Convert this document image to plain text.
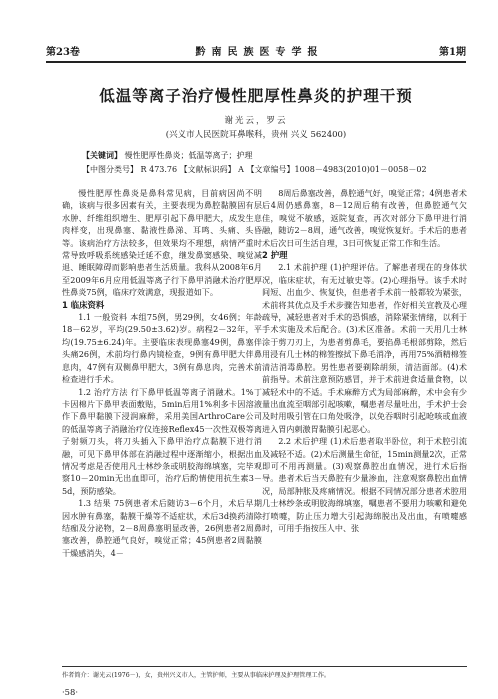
第23卷	黔南民族医专学报	第1期
低温等离子治疗慢性肥厚性鼻炎的护理干预
谢光云，罗云
(兴义市人民医院耳鼻喉科，贵州 兴义 562400)
【关键词】 慢性肥厚性鼻炎；低温等离子；护理
【中图分类号】 R 473.76 【文献标识码】 A 【文章编号】1008－4983(2010)01－0058－02

慢性肥厚性鼻炎是鼻科常见病，目前病因尚不明确，该病与很多因素有关，主要表现为鼻腔黏膜固有层水肿、纤维组织增生、肥厚引起下鼻甲肥大，成发生息肉样变，出现鼻塞、黏液性鼻涕、耳鸣、头痛、头昏等。该病治疗方法较多，但效果均不理想，病情严重时常导致呼吸系统感染迁延不愈，继发鼻窦感染、嗅觉减退、睡眠障碍而影响患者生活质量。我科从2008年6月至2009年6月应用低温等离子行下鼻甲消融术治疗肥厚性鼻炎75例，临床疗效满意，现报道如下。

1 临床资料

1.1 一般资料 本组75例，男29例，女46例；年龄18－62岁，平均(29.50±3.62)岁。病程2－32年，平均(19.75±6.24)年。主要临床表现鼻塞49例，鼻塞伴头痛26例，术前均行鼻内镜检查，9例有鼻甲肥大伴鼻息肉，47例有双侧鼻甲肥大，3例有鼻息肉，完善术前检查进行手术。

1.2 治疗方法 行下鼻甲低温等离子消融术。1%丁卡因棉片下鼻甲表面敷贴，5min后用1%利多卡因溶液作下鼻甲黏膜下浸润麻醉，采用美国ArthroCare公司的低温等离子消融治疗仪连接Reflex45一次性双极等离子射频刀头，将刀头插入下鼻甲治疗点黏膜下进行消融，可见下鼻甲体部在消融过程中逐渐缩小，根据出血情况考虑是否使用凡士林纱条或明胶海绵填塞，完毕观察10－20min无出血即可，治疗后酌情使用抗生素3－5d，预防感染。

1.3 结果 75例患者术后随访3－6个月，术后早期因水肿有鼻塞，黏膜干燥等不适症状，术后3d换药清除结痂及分泌物，2－8周鼻塞明显改善，26例患者2周鼻塞改善，鼻腔通气良好，嗅觉正常；45例患者2周黏膜干燥感消失，4－

8周后鼻塞改善，鼻腔通气好，嗅觉正常；4例患者术后4周仍感鼻塞，8－12周后稍有改善，但鼻腔通气欠佳，嗅觉不敏感，返院复查，再次对部分下鼻甲进行消融，随访2－8周，通气改善，嗅觉恢复好。手术后的患者术后次日可生活自理，3日可恢复正常工作和生活。

2 护理

2.1 术前护理 (1)护理评估。了解患者现在的身体状况，临床症状，有无过敏史等。(2)心理指导。该手术时间短、出血少、恢复快，但患者手术前一般都较为紧张，术前将其优点及手术步骤告知患者，作好相关宣教及心理疏导，减轻患者对手术的恐惧感，消除紧张情绪，以利于手术实施及术后配合。(3)术区准备。术前一天用几士林涂于剪刀刃上，为患者剪鼻毛，要掐鼻毛根部剪除，然后用浸有几士林的棉签擦拭下鼻毛消净，再用75%酒精棉签清洁消毒鼻腔。男性患者要剃除胡须，清洁面部。(4)术前指导。术前注意预防感冒，并于术前进食适量食物，以减轻术中的不适。手术麻醉方式为局部麻醉，术中会有少量出血流至咽部引起咳嗽，嘱患者尽量吐出，手术护士会及时用吸引管在口角处吸净，以免吞咽时引起呛咳或血液进入胃内刺激胃黏膜引起恶心。

2.2 术后护理 (1)术后患者取半卧位，利于术腔引流及减轻不适。(2)术后测量生命征，15min测量2次，正常即可不用再测量。(3)观察鼻腔出血情况，进行术后指导。患者术后当天鼻腔有少量渗血，注意观察鼻腔出血情况，局部肿胀及疼痛情况。根据不同情况部分患者术腔用几士林纱条或明胶海绵填塞，嘱患者不要用力咳嗽和避免打喷嚏，防止压力增大引起海绵脱出及出血，有喷嚏感时，可用手指按压人中、张

作者简介：谢光云(1976－)，女，贵州兴义市人，主管护师，主要从事临床护理及护理管理工作。
·58·
